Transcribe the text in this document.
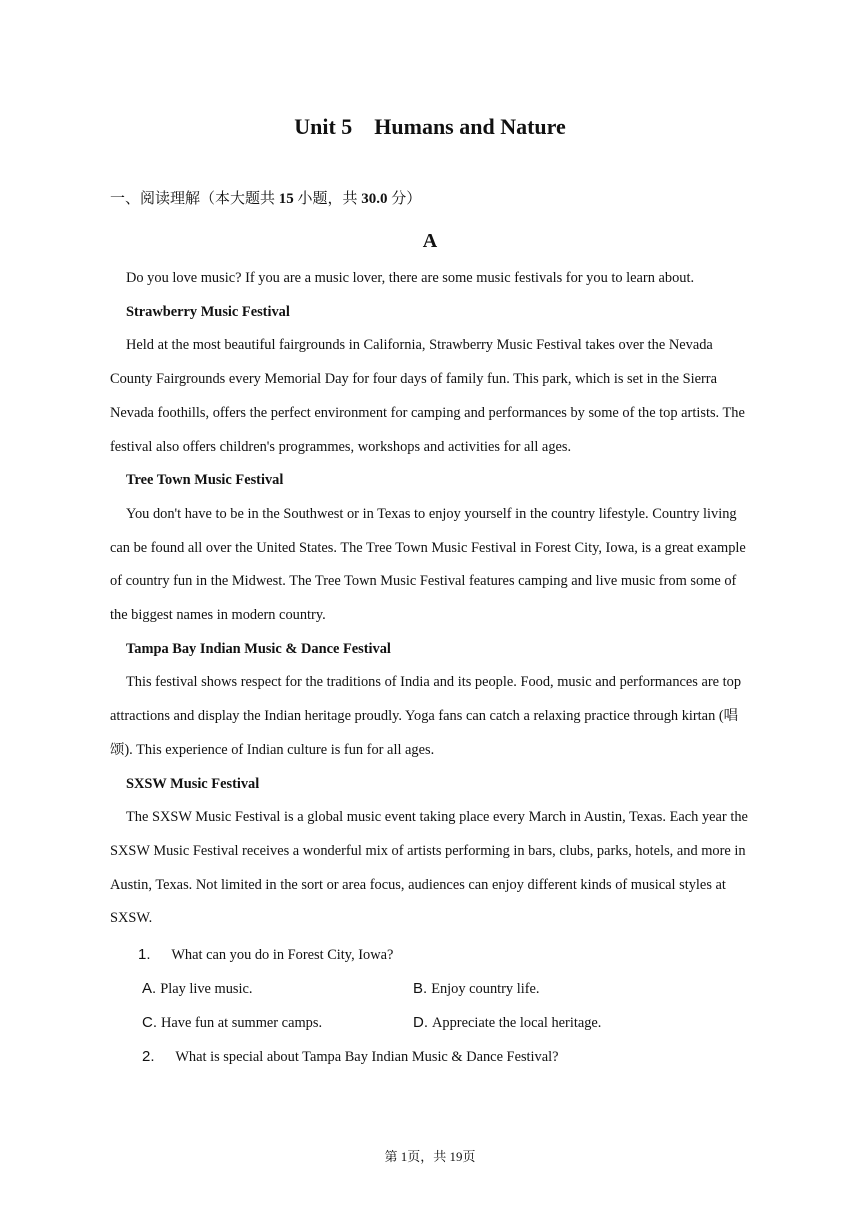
Unit 5    Humans and Nature
一、阅读理解（本大题共 15 小题，共 30.0 分）
A

Do you love music? If you are a music lover, there are some music festivals for you to learn about.

Strawberry Music Festival

Held at the most beautiful fairgrounds in California, Strawberry Music Festival takes over the Nevada County Fairgrounds every Memorial Day for four days of family fun. This park, which is set in the Sierra Nevada foothills, offers the perfect environment for camping and performances by some of the top artists. The festival also offers children's programmes, workshops and activities for all ages.

Tree Town Music Festival

You don't have to be in the Southwest or in Texas to enjoy yourself in the country lifestyle. Country living can be found all over the United States. The Tree Town Music Festival in Forest City, Iowa, is a great example of country fun in the Midwest. The Tree Town Music Festival features camping and live music from some of the biggest names in modern country.

Tampa Bay Indian Music & Dance Festival

This festival shows respect for the traditions of India and its people. Food, music and performances are top attractions and display the Indian heritage proudly. Yoga fans can catch a relaxing practice through kirtan (唱颂). This experience of Indian culture is fun for all ages.

SXSW Music Festival

The SXSW Music Festival is a global music event taking place every March in Austin, Texas. Each year the SXSW Music Festival receives a wonderful mix of artists performing in bars, clubs, parks, hotels, and more in Austin, Texas. Not limited in the sort or area focus, audiences can enjoy different kinds of musical styles at SXSW.

1. What can you do in Forest City, Iowa?
A. Play live music.	B. Enjoy country life.
C. Have fun at summer camps.	D. Appreciate the local heritage.
2. What is special about Tampa Bay Indian Music & Dance Festival?
第 1页，共 19页
